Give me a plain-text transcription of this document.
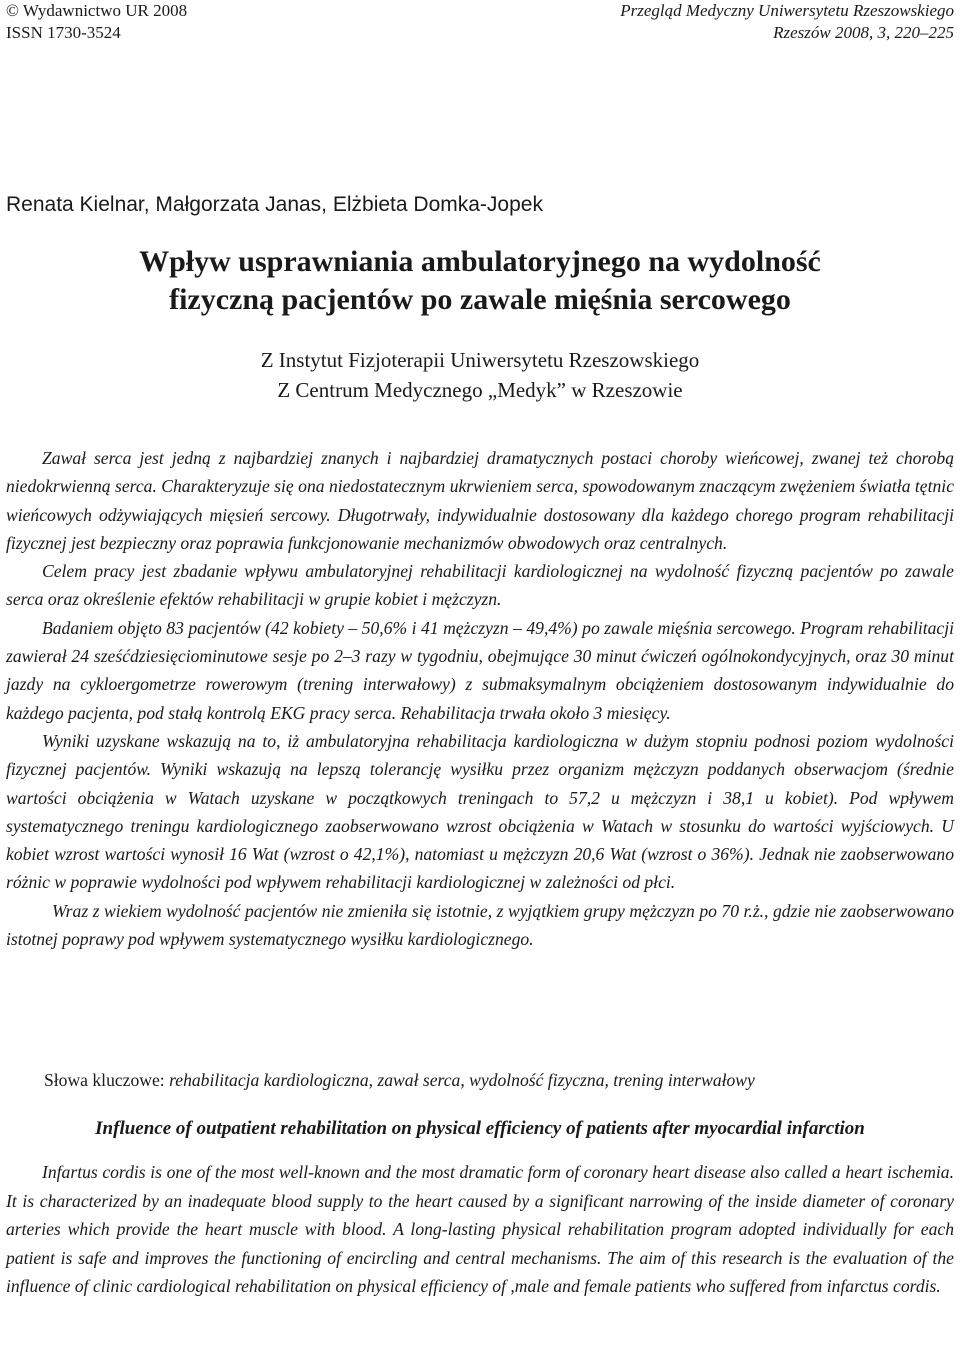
© Wydawnictwo UR 2008
ISSN 1730-3524
Przegląd Medyczny Uniwersytetu Rzeszowskiego
Rzeszów 2008, 3, 220–225
Renata Kielnar, Małgorzata Janas, Elżbieta Domka-Jopek
Wpływ usprawniania ambulatoryjnego na wydolność
fizyczną pacjentów po zawale mięśnia sercowego
Z Instytut Fizjoterapii Uniwersytetu Rzeszowskiego
Z Centrum Medycznego „Medyk” w Rzeszowie

Zawał serca jest jedną z najbardziej znanych i najbardziej dramatycznych postaci choroby wieńcowej, zwanej też chorobą niedokrwienną serca. Charakteryzuje się ona niedostatecznym ukrwieniem serca, spowodowanym znaczącym zwężeniem światła tętnic wieńcowych odżywiających mięsień sercowy. Długotrwały, indywidualnie dostosowany dla każdego chorego program rehabilitacji fizycznej jest bezpieczny oraz poprawia funkcjonowanie mechanizmów obwodowych oraz centralnych.

Celem pracy jest zbadanie wpływu ambulatoryjnej rehabilitacji kardiologicznej na wydolność fizyczną pacjentów po zawale serca oraz określenie efektów rehabilitacji w grupie kobiet i mężczyzn.

Badaniem objęto 83 pacjentów (42 kobiety – 50,6% i 41 mężczyzn – 49,4%) po zawale mięśnia sercowego. Program rehabilitacji zawierał 24 sześćdziesięciominutowe sesje po 2–3 razy w tygodniu, obejmujące 30 minut ćwiczeń ogólnokondycyjnych, oraz 30 minut jazdy na cykloergometrze rowerowym (trening interwałowy) z submaksymalnym obciążeniem dostosowanym indywidualnie do każdego pacjenta, pod stałą kontrolą EKG pracy serca. Rehabilitacja trwała około 3 miesięcy.

Wyniki uzyskane wskazują na to, iż ambulatoryjna rehabilitacja kardiologiczna w dużym stopniu podnosi poziom wydolności fizycznej pacjentów. Wyniki wskazują na lepszą tolerancję wysiłku przez organizm mężczyzn poddanych obserwacjom (średnie wartości obciążenia w Watach uzyskane w początkowych treningach to 57,2 u mężczyzn i 38,1 u kobiet). Pod wpływem systematycznego treningu kardiologicznego zaobserwowano wzrost obciążenia w Watach w stosunku do wartości wyjściowych. U kobiet wzrost wartości wynosił 16 Wat (wzrost o 42,1%), natomiast u mężczyzn 20,6 Wat (wzrost o 36%). Jednak nie zaobserwowano różnic w poprawie wydolności pod wpływem rehabilitacji kardiologicznej w zależności od płci.

Wraz z wiekiem wydolność pacjentów nie zmieniła się istotnie, z wyjątkiem grupy mężczyzn po 70 r.ż., gdzie nie zaobserwowano istotnej poprawy pod wpływem systematycznego wysiłku kardiologicznego.

Słowa kluczowe: rehabilitacja kardiologiczna, zawał serca, wydolność fizyczna, trening interwałowy
Influence of outpatient rehabilitation on physical efficiency of patients after myocardial infarction
Infartus cordis is one of the most well-known and the most dramatic form of coronary heart disease also called a heart ischemia. It is characterized by an inadequate blood supply to the heart caused by a significant narrowing of the inside diameter of coronary arteries which provide the heart muscle with blood. A long-lasting physical rehabilitation program adopted individually for each patient is safe and improves the functioning of encircling and central mechanisms. The aim of this research is the evaluation of the influence of clinic cardiological rehabilitation on physical efficiency of ,male and female patients who suffered from infarctus cordis.
